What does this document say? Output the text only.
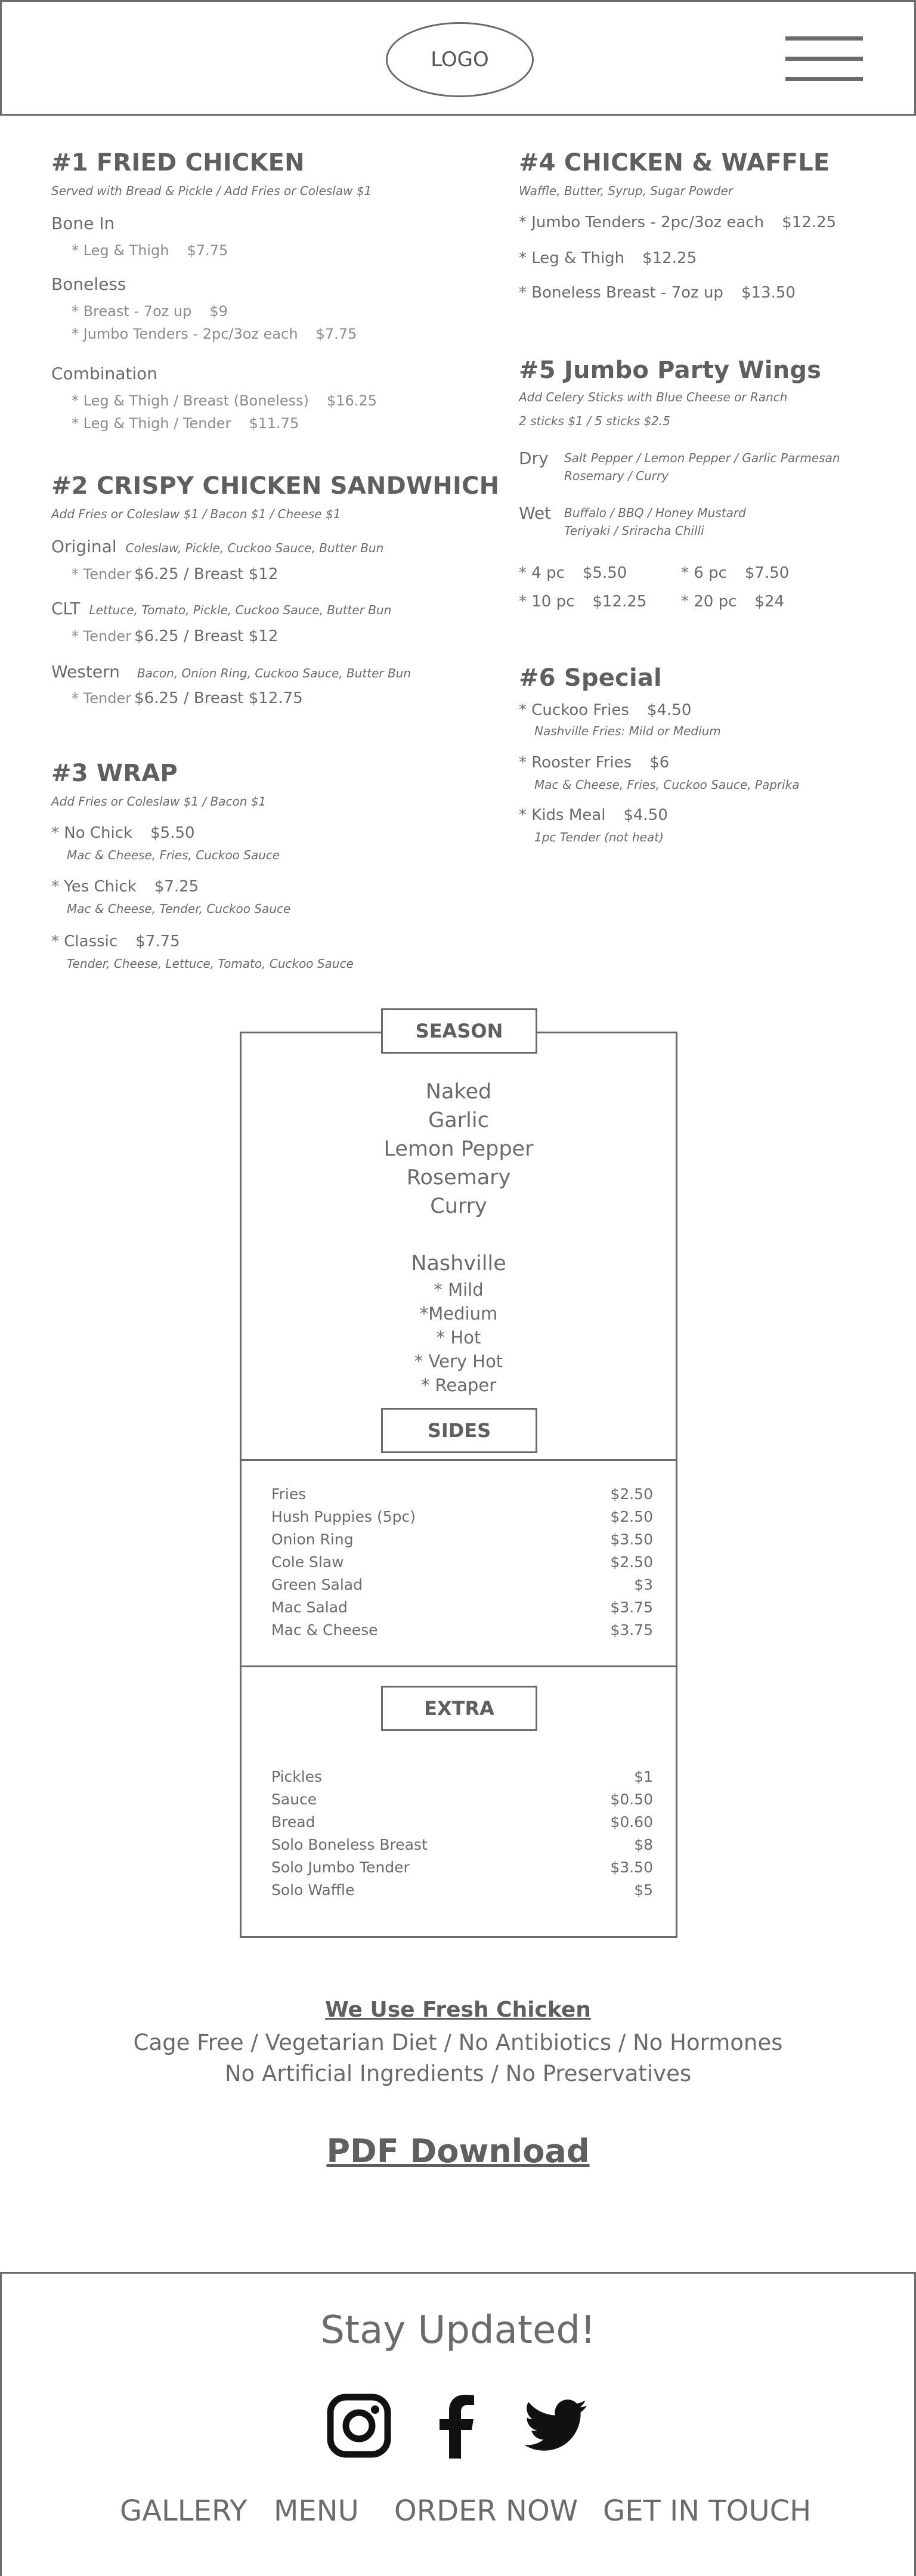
LOGO
#1 FRIED CHICKEN
Served with Bread & Pickle / Add Fries or Coleslaw $1
Bone In
* Leg & Thigh $7.75
Boneless
* Breast - 7oz up $9
* Jumbo Tenders - 2pc/3oz each $7.75
Combination
* Leg & Thigh / Breast (Boneless) $16.25
* Leg & Thigh / Tender $11.75
#2 CRISPY CHICKEN SANDWHICH
Add Fries or Coleslaw $1 / Bacon $1 / Cheese $1
Original Coleslaw, Pickle, Cuckoo Sauce, Butter Bun
* Tender $6.25 / Breast $12
CLT Lettuce, Tomato, Pickle, Cuckoo Sauce, Butter Bun
* Tender $6.25 / Breast $12
Western Bacon, Onion Ring, Cuckoo Sauce, Butter Bun
* Tender $6.25 / Breast $12.75
#3 WRAP
Add Fries or Coleslaw $1 / Bacon $1
* No Chick $5.50
Mac & Cheese, Fries, Cuckoo Sauce
* Yes Chick $7.25
Mac & Cheese, Tender, Cuckoo Sauce
* Classic $7.75
Tender, Cheese, Lettuce, Tomato, Cuckoo Sauce
#4 CHICKEN & WAFFLE
Waffle, Butter, Syrup, Sugar Powder
* Jumbo Tenders - 2pc/3oz each $12.25
* Leg & Thigh $12.25
* Boneless Breast - 7oz up $13.50
#5 Jumbo Party Wings
Add Celery Sticks with Blue Cheese or Ranch
2 sticks $1 / 5 sticks $2.5
Dry Salt Pepper / Lemon Pepper / Garlic Parmesan
Rosemary / Curry
Wet Buffalo / BBQ / Honey Mustard
Teriyaki / Sriracha Chilli
* 4 pc $5.50	* 6 pc $7.50
* 10 pc $12.25 * 20 pc $24
#6 Special
* Cuckoo Fries $4.50
Nashville Fries: Mild or Medium
* Rooster Fries $6
Mac & Cheese, Fries, Cuckoo Sauce, Paprika
* Kids Meal $4.50
1pc Tender (not heat)
SEASON
Naked
Garlic
Lemon Pepper
Rosemary
Curry
Nashville
* Mild
*Medium
* Hot
* Very Hot
* Reaper
SIDES
Fries	$2.50
Hush Puppies (5pc)	$2.50
Onion Ring	$3.50
Cole Slaw	$2.50
Green Salad	$3
Mac Salad	$3.75
Mac & Cheese	$3.75
EXTRA
Pickles	$1
Sauce	$0.50
Bread	$0.60
Solo Boneless Breast	$8
Solo Jumbo Tender	$3.50
Solo Waffle	$5
We Use Fresh Chicken
Cage Free / Vegetarian Diet / No Antibiotics / No Hormones
No Artificial Ingredients / No Preservatives
PDF Download
Stay Updated!
GALLERY MENU ORDER NOW GET IN TOUCH
